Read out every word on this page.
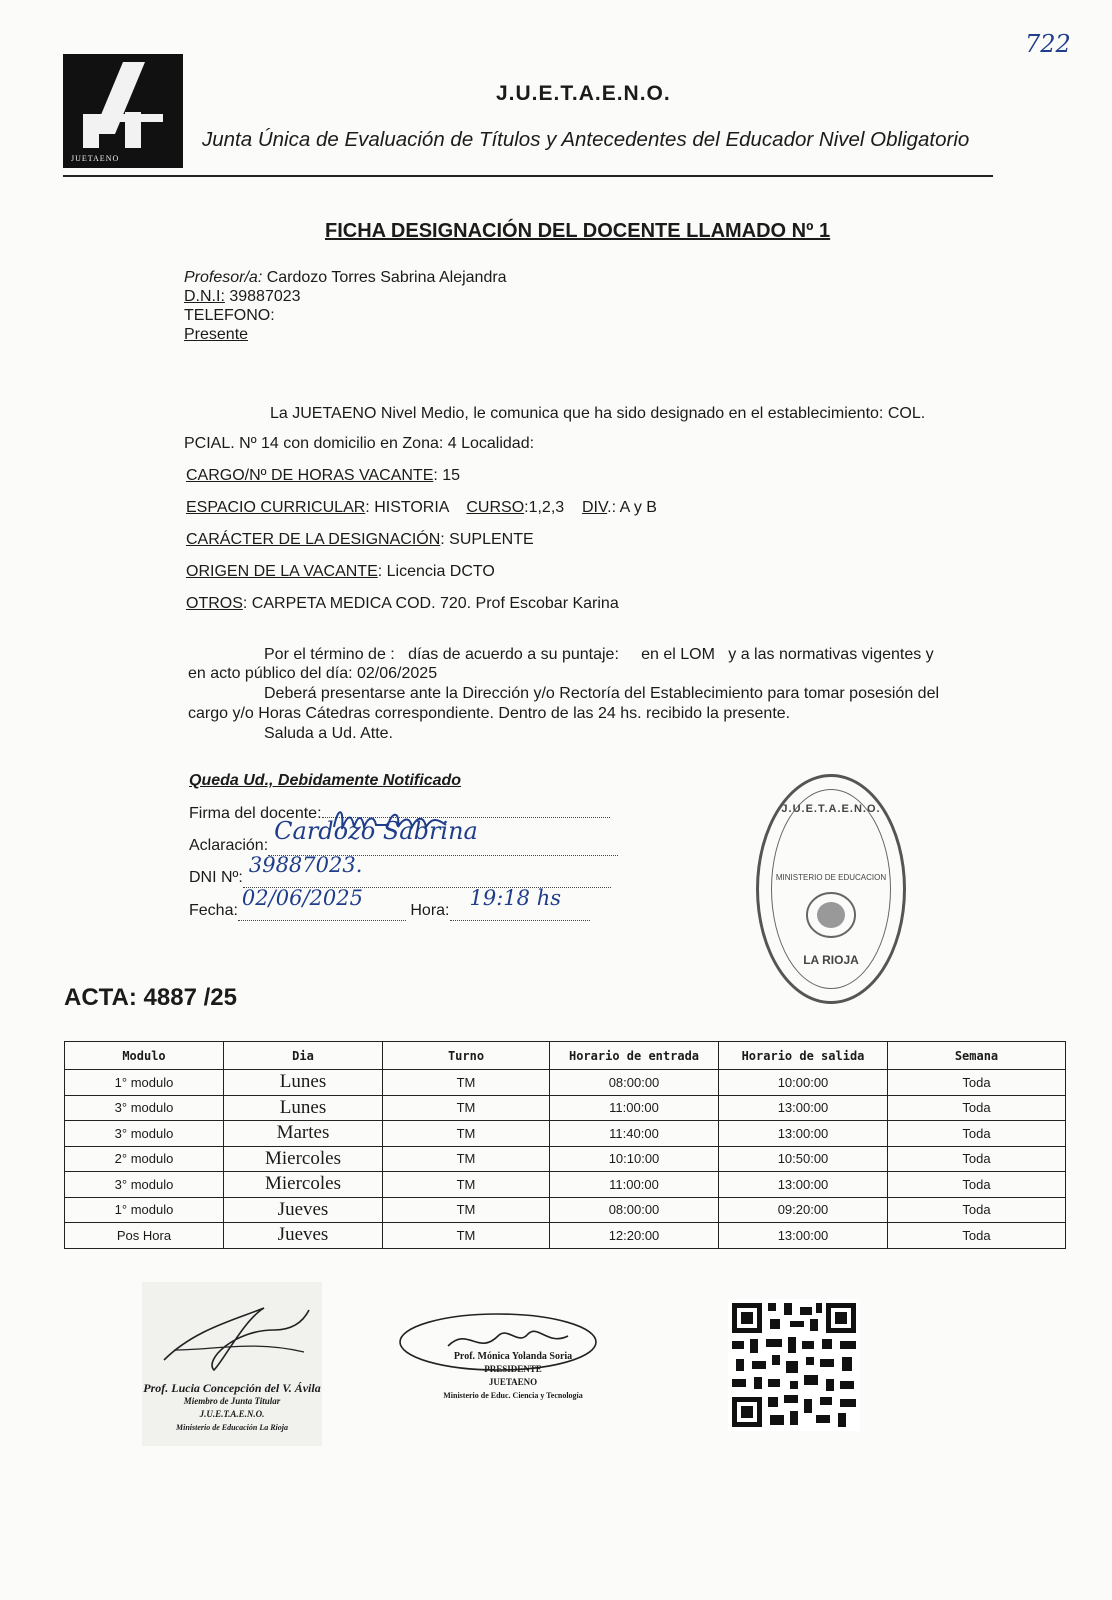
722
JUETAENO
J.U.E.T.A.E.N.O.
Junta Única de Evaluación de Títulos y Antecedentes del Educador Nivel Obligatorio
FICHA DESIGNACIÓN DEL DOCENTE LLAMADO Nº 1
Profesor/a: Cardozo Torres Sabrina Alejandra
D.N.I: 39887023
TELEFONO:
Presente
La JUETAENO Nivel Medio, le comunica que ha sido designado en el establecimiento: COL.
PCIAL. Nº 14 con domicilio en Zona: 4 Localidad:
CARGO/Nº DE HORAS VACANTE: 15
ESPACIO CURRICULAR: HISTORIA CURSO:1,2,3 DIV.: A y B
CARÁCTER DE LA DESIGNACIÓN: SUPLENTE
ORIGEN DE LA VACANTE: Licencia DCTO
OTROS: CARPETA MEDICA COD. 720. Prof Escobar Karina
Por el término de :   días de acuerdo a su puntaje:     en el LOM   y a las normativas vigentes y
en acto público del día: 02/06/2025
Deberá presentarse ante la Dirección y/o Rectoría del Establecimiento para tomar posesión del
cargo y/o Horas Cátedras correspondiente. Dentro de las 24 hs. recibido la presente.
Saluda a Ud. Atte.
Queda Ud., Debidamente Notificado
Firma del docente:
Aclaración:
Cardozo Sabrina

DNI Nº:
39887023.

Fecha:
02/06/2025
Hora:
19:18 hs

J.U.E.T.A.E.N.O.
MINISTERIO DE EDUCACION
LA RIOJA
ACTA: 4887 /25
Modulo	Dia	Turno	Horario de entrada	Horario de salida	Semana
1° modulo	Lunes	TM	08:00:00	10:00:00	Toda
3° modulo	Lunes	TM	11:00:00	13:00:00	Toda
3° modulo	Martes	TM	11:40:00	13:00:00	Toda
2° modulo	Miercoles	TM	10:10:00	10:50:00	Toda
3° modulo	Miercoles	TM	11:00:00	13:00:00	Toda
1° modulo	Jueves	TM	08:00:00	09:20:00	Toda
Pos Hora	Jueves	TM	12:20:00	13:00:00	Toda
Prof. Lucia Concepción del V. Ávila
Miembro de Junta Titular
J.U.E.T.A.E.N.O.
Ministerio de Educación La Rioja
Prof. Mónica Yolanda Soria
PRESIDENTE
JUETAENO
Ministerio de Educ. Ciencia y Tecnología
